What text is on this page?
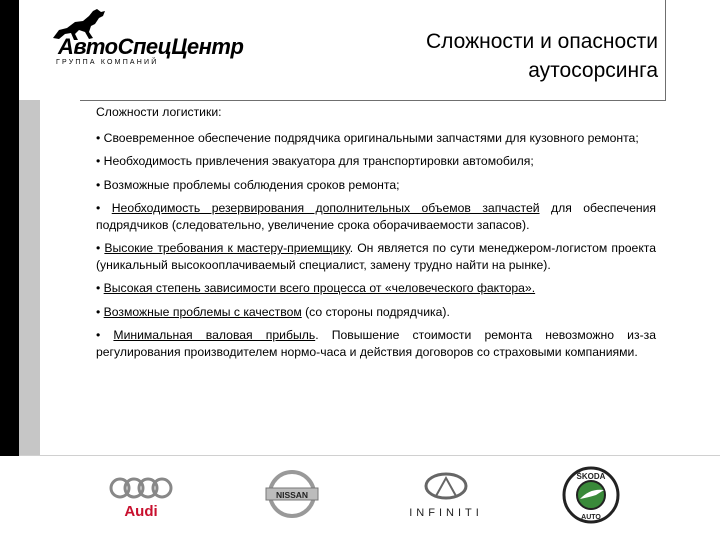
АвтоСпецЦентр
ГРУППА КОМПАНИЙ
Сложности и опасности
аутосорсинга

Сложности логистики:

• Своевременное обеспечение подрядчика оригинальными запчастями для кузовного ремонта;

• Необходимость привлечения эвакуатора для транспортировки автомобиля;

• Возможные проблемы соблюдения сроков ремонта;

• Необходимость резервирования дополнительных объемов запчастей для обеспечения подрядчиков (следовательно, увеличение срока оборачиваемости запасов).

• Высокие требования к мастеру-приемщику. Он является по сути менеджером-логистом проекта (уникальный высокооплачиваемый специалист, замену трудно найти на рынке).

• Высокая степень зависимости всего процесса от «человеческого фактора».

• Возможные проблемы с качеством (со стороны подрядчика).

• Минимальная валовая прибыль. Повышение стоимости ремонта невозможно из-за регулирования производителем нормо-часа и действия договоров со страховыми компаниями.

Audi
NISSAN
INFINITI
ŠKODA
AUTO
